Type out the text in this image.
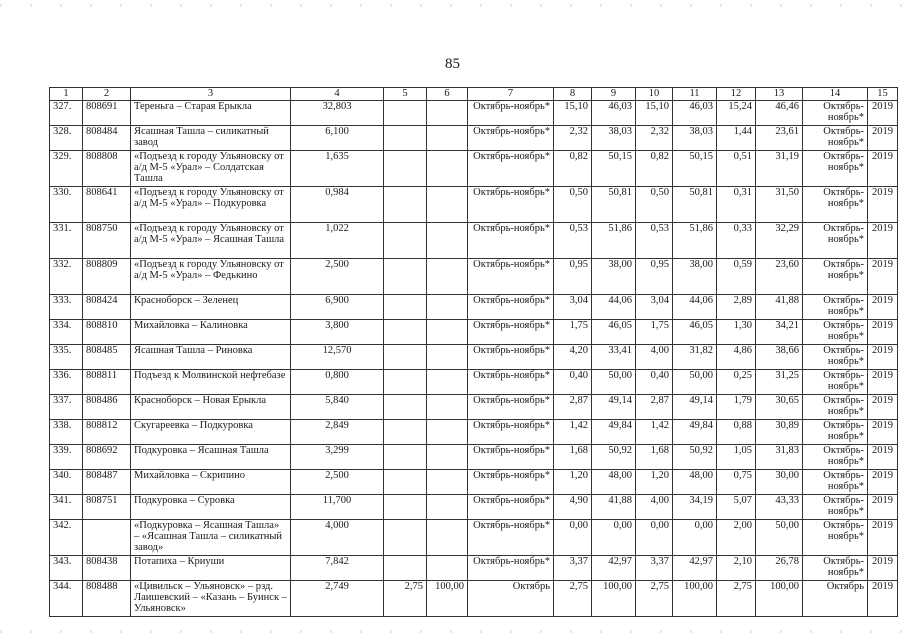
85
1	2	3	4	5	6	7	8	9	10	11	12	13	14	15
327.	808691	Тереньга – Старая Ерыкла	32,803			Октябрь-ноябрь*	15,10	46,03	15,10	46,03	15,24	46,46	Октябрь-ноябрь*	2019
328.	808484	Ясашная Ташла – силикатный завод	6,100			Октябрь-ноябрь*	2,32	38,03	2,32	38,03	1,44	23,61	Октябрь-ноябрь*	2019
329.	808808	«Подъезд к городу Ульяновску от а/д М-5 «Урал» – Солдатская Ташла	1,635			Октябрь-ноябрь*	0,82	50,15	0,82	50,15	0,51	31,19	Октябрь-ноябрь*	2019
330.	808641	«Подъезд к городу Ульяновску от а/д М-5 «Урал» – Подкуровка	0,984			Октябрь-ноябрь*	0,50	50,81	0,50	50,81	0,31	31,50	Октябрь-ноябрь*	2019
331.	808750	«Подъезд к городу Ульяновску от а/д М-5 «Урал» – Ясашная Ташла	1,022			Октябрь-ноябрь*	0,53	51,86	0,53	51,86	0,33	32,29	Октябрь-ноябрь*	2019
332.	808809	«Подъезд к городу Ульяновску от а/д М-5 «Урал» – Федькино	2,500			Октябрь-ноябрь*	0,95	38,00	0,95	38,00	0,59	23,60	Октябрь-ноябрь*	2019
333.	808424	Красноборск – Зеленец	6,900			Октябрь-ноябрь*	3,04	44,06	3,04	44,06	2,89	41,88	Октябрь-ноябрь*	2019
334.	808810	Михайловка – Калиновка	3,800			Октябрь-ноябрь*	1,75	46,05	1,75	46,05	1,30	34,21	Октябрь-ноябрь*	2019
335.	808485	Ясашная Ташла – Риновка	12,570			Октябрь-ноябрь*	4,20	33,41	4,00	31,82	4,86	38,66	Октябрь-ноябрь*	2019
336.	808811	Подъезд к Молвинской нефтебазе	0,800			Октябрь-ноябрь*	0,40	50,00	0,40	50,00	0,25	31,25	Октябрь-ноябрь*	2019
337.	808486	Красноборск – Новая Ерыкла	5,840			Октябрь-ноябрь*	2,87	49,14	2,87	49,14	1,79	30,65	Октябрь-ноябрь*	2019
338.	808812	Скугареевка – Подкуровка	2,849			Октябрь-ноябрь*	1,42	49,84	1,42	49,84	0,88	30,89	Октябрь-ноябрь*	2019
339.	808692	Подкуровка – Ясашная Ташла	3,299			Октябрь-ноябрь*	1,68	50,92	1,68	50,92	1,05	31,83	Октябрь-ноябрь*	2019
340.	808487	Михайловка – Скрипино	2,500			Октябрь-ноябрь*	1,20	48,00	1,20	48,00	0,75	30,00	Октябрь-ноябрь*	2019
341.	808751	Подкуровка – Суровка	11,700			Октябрь-ноябрь*	4,90	41,88	4,00	34,19	5,07	43,33	Октябрь-ноябрь*	2019
342.		«Подкуровка – Ясашная Ташла» – «Ясашная Ташла – силикатный завод»	4,000			Октябрь-ноябрь*	0,00	0,00	0,00	0,00	2,00	50,00	Октябрь-ноябрь*	2019
343.	808438	Потапиха – Криуши	7,842			Октябрь-ноябрь*	3,37	42,97	3,37	42,97	2,10	26,78	Октябрь-ноябрь*	2019
344.	808488	«Цивильск – Ульяновск» – рзд. Лаишевский – «Казань – Буинск – Ульяновск»	2,749	2,75	100,00	Октябрь	2,75	100,00	2,75	100,00	2,75	100,00	Октябрь	2019
